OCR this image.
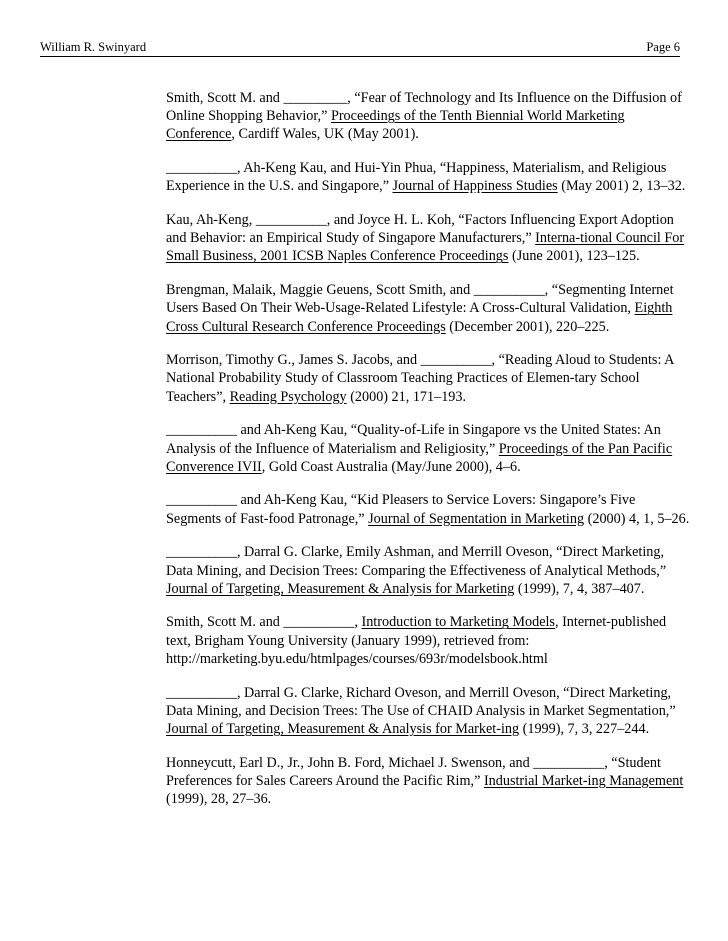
William R. Swinyard	Page 6

Smith, Scott M. and _________, “Fear of Technology and Its Influence on the Diffusion of Online Shopping Behavior,” Proceedings of the Tenth Biennial World Marketing Conference, Cardiff Wales, UK (May 2001).

__________, Ah-Keng Kau, and Hui-Yin Phua, “Happiness, Materialism, and Religious Experience in the U.S. and Singapore,” Journal of Happiness Studies (May 2001) 2, 13–32.

Kau, Ah-Keng, __________, and Joyce H. L. Koh, “Factors Influencing Export Adoption and Behavior: an Empirical Study of Singapore Manufacturers,” Interna-tional Council For Small Business, 2001 ICSB Naples Conference Proceedings (June 2001), 123–125.

Brengman, Malaik, Maggie Geuens, Scott Smith, and __________, “Segmenting Internet Users Based On Their Web-Usage-Related Lifestyle: A Cross-Cultural Validation, Eighth Cross Cultural Research Conference Proceedings (December 2001), 220–225.

Morrison, Timothy G., James S. Jacobs, and __________, “Reading Aloud to Students: A National Probability Study of Classroom Teaching Practices of Elemen-tary School Teachers”, Reading Psychology (2000) 21, 171–193.

__________ and Ah-Keng Kau, “Quality-of-Life in Singapore vs the United States: An Analysis of the Influence of Materialism and Religiosity,” Proceedings of the Pan Pacific Converence IVII, Gold Coast Australia (May/June 2000), 4–6.

__________ and Ah-Keng Kau, “Kid Pleasers to Service Lovers: Singapore’s Five Segments of Fast-food Patronage,” Journal of Segmentation in Marketing (2000) 4, 1, 5–26.

__________, Darral G. Clarke, Emily Ashman, and Merrill Oveson, “Direct Marketing, Data Mining, and Decision Trees: Comparing the Effectiveness of Analytical Methods,” Journal of Targeting, Measurement & Analysis for Marketing (1999), 7, 4, 387–407.

Smith, Scott M. and __________, Introduction to Marketing Models, Internet-published text, Brigham Young University (January 1999), retrieved from: http://marketing.byu.edu/htmlpages/courses/693r/modelsbook.html

__________, Darral G. Clarke, Richard Oveson, and Merrill Oveson, “Direct Marketing, Data Mining, and Decision Trees: The Use of CHAID Analysis in Market Segmentation,” Journal of Targeting, Measurement & Analysis for Market-ing (1999), 7, 3, 227–244.

Honneycutt, Earl D., Jr., John B. Ford, Michael J. Swenson, and __________, “Student Preferences for Sales Careers Around the Pacific Rim,” Industrial Market-ing Management (1999), 28, 27–36.
